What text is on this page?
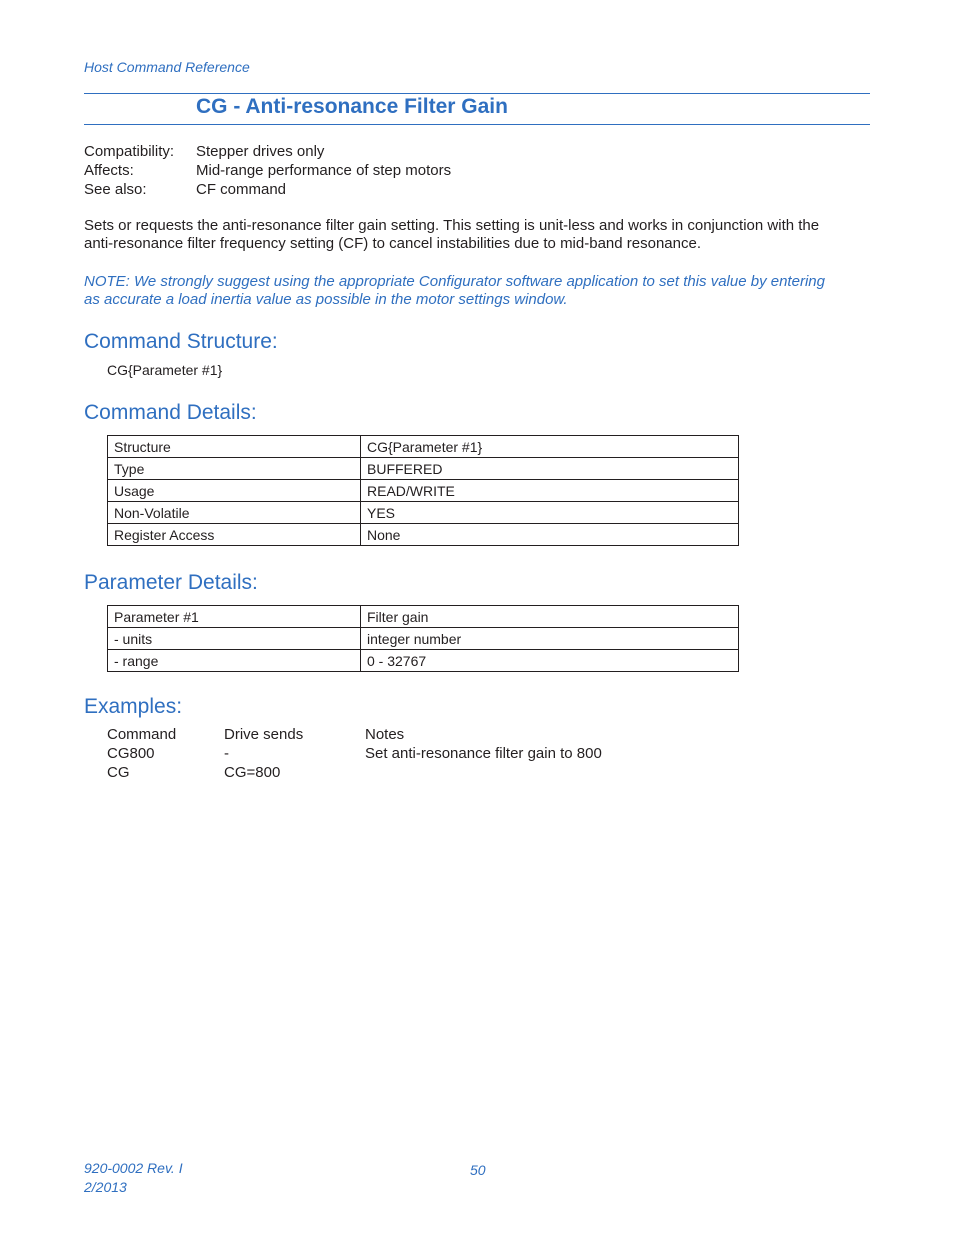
Host Command Reference
CG - Anti-resonance Filter Gain
Compatibility:	Stepper drives only
Affects:	Mid-range performance of step motors
See also:	CF command
Sets or requests the anti-resonance filter gain setting. This setting is unit-less and works in conjunction with the
anti-resonance filter frequency setting (CF) to cancel instabilities due to mid-band resonance.
NOTE: We strongly suggest using the appropriate Configurator software application to set this value by entering
as accurate a load inertia value as possible in the motor settings window.
Command Structure:
CG{Parameter #1}
Command Details:
Structure	CG{Parameter #1}
Type	BUFFERED
Usage	READ/WRITE
Non-Volatile	YES
Register Access	None
Parameter Details:
Parameter #1	Filter gain
- units	integer number
- range	0 - 32767
Examples:
Command	Drive sends	Notes
CG800	-	Set anti-resonance filter gain to 800
CG	CG=800
920-0002 Rev. I
2/2013
50
